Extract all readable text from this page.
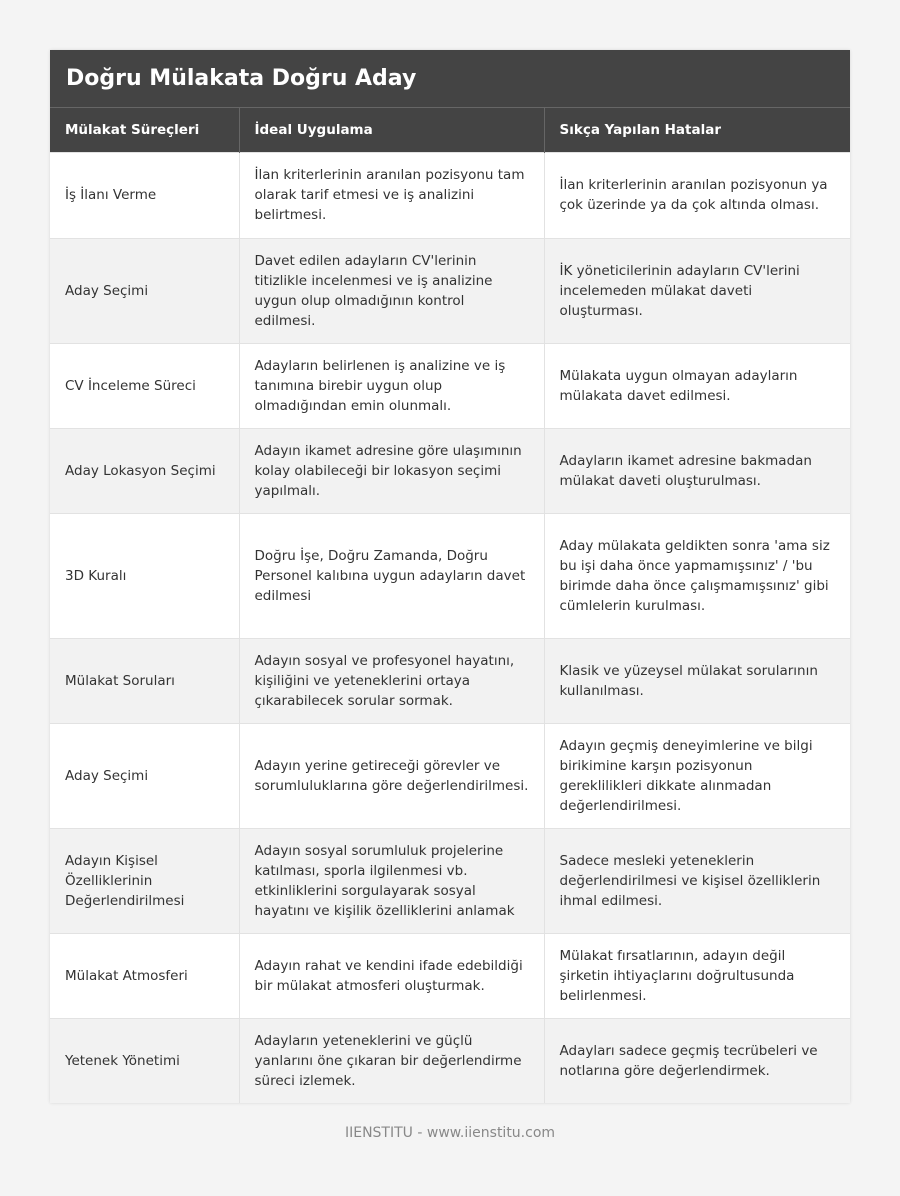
Doğru Mülakata Doğru Aday
Mülakat Süreçleri	İdeal Uygulama	Sıkça Yapılan Hatalar
İş İlanı Verme	İlan kriterlerinin aranılan pozisyonu tam olarak tarif etmesi ve iş analizini belirtmesi.	İlan kriterlerinin aranılan pozisyonun ya çok üzerinde ya da çok altında olması.
Aday Seçimi	Davet edilen adayların CV'lerinin titizlikle incelenmesi ve iş analizine uygun olup olmadığının kontrol edilmesi.	İK yöneticilerinin adayların CV'lerini incelemeden mülakat daveti oluşturması.
CV İnceleme Süreci	Adayların belirlenen iş analizine ve iş tanımına birebir uygun olup olmadığından emin olunmalı.	Mülakata uygun olmayan adayların mülakata davet edilmesi.
Aday Lokasyon Seçimi	Adayın ikamet adresine göre ulaşımının kolay olabileceği bir lokasyon seçimi yapılmalı.	Adayların ikamet adresine bakmadan mülakat daveti oluşturulması.
3D Kuralı	Doğru İşe, Doğru Zamanda, Doğru Personel kalıbına uygun adayların davet edilmesi	Aday mülakata geldikten sonra 'ama siz bu işi daha önce yapmamışsınız' / 'bu birimde daha önce çalışmamışsınız' gibi cümlelerin kurulması.
Mülakat Soruları	Adayın sosyal ve profesyonel hayatını, kişiliğini ve yeteneklerini ortaya çıkarabilecek sorular sormak.	Klasik ve yüzeysel mülakat sorularının kullanılması.
Aday Seçimi	Adayın yerine getireceği görevler ve sorumluluklarına göre değerlendirilmesi.	Adayın geçmiş deneyimlerine ve bilgi birikimine karşın pozisyonun gereklilikleri dikkate alınmadan değerlendirilmesi.
Adayın Kişisel Özelliklerinin Değerlendirilmesi	Adayın sosyal sorumluluk projelerine katılması, sporla ilgilenmesi vb. etkinliklerini sorgulayarak sosyal hayatını ve kişilik özelliklerini anlamak	Sadece mesleki yeteneklerin değerlendirilmesi ve kişisel özelliklerin ihmal edilmesi.
Mülakat Atmosferi	Adayın rahat ve kendini ifade edebildiği bir mülakat atmosferi oluşturmak.	Mülakat fırsatlarının, adayın değil şirketin ihtiyaçlarını doğrultusunda belirlenmesi.
Yetenek Yönetimi	Adayların yeteneklerini ve güçlü yanlarını öne çıkaran bir değerlendirme süreci izlemek.	Adayları sadece geçmiş tecrübeleri ve notlarına göre değerlendirmek.
IIENSTITU - www.iienstitu.com
